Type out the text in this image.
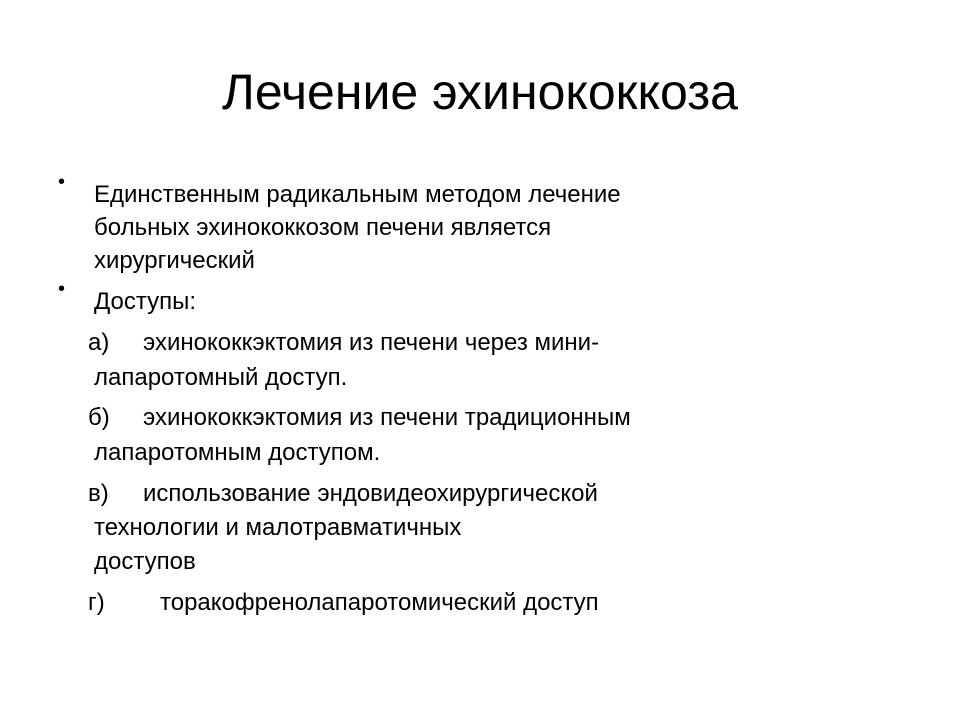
Лечение эхинококкоза
• Единственным радикальным методом лечение
больных эхинококкозом печени является
хирургический
• Доступы:
а) эхинококкэктомия из печени через мини-
лапаротомный доступ.
б) эхинококкэктомия из печени традиционным
лапаротомным доступом.
в) использование эндовидеохирургической
технологии и малотравматичных
доступов
г) торакофренолапаротомический доступ
